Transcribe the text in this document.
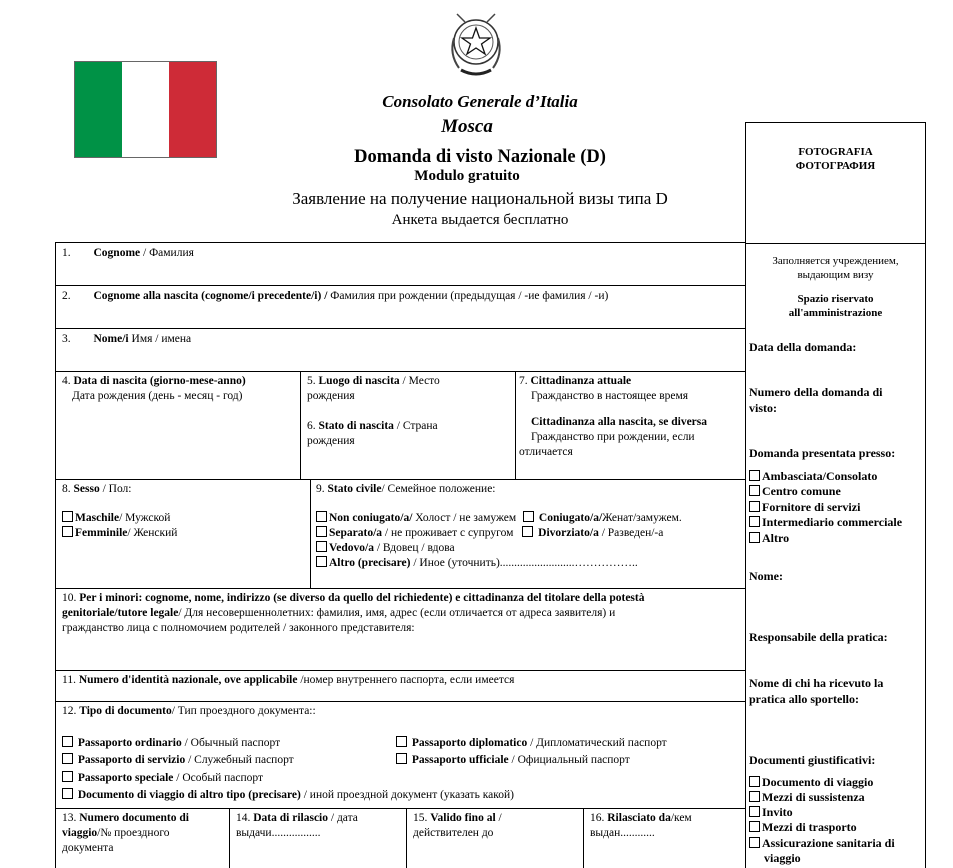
Consolato Generale d’Italia
Mosca
Domanda di visto Nazionale (D)
Modulo gratuito
Заявление на получение национальной визы типа D
Анкета выдается бесплатно
FOTOGRAFIA
ФОТОГРАФИЯ
Заполняется учреждением,
выдающим визу
Spazio riservato
all'amministrazione
Data della domanda:
Numero della domanda di
visto:
Domanda presentata presso:
Ambasciata/Consolato
Centro comune
Fornitore di servizi
Intermediario commerciale
Altro
Nome:
Responsabile della pratica:
Nome di chi ha ricevuto la
pratica allo sportello:
Documenti giustificativi:
Documento di viaggio
Mezzi di sussistenza
Invito
Mezzi di trasporto
Assicurazione sanitaria di
viaggio
1. Cognome / Фамилия
2. Cognome alla nascita (cognome/i precedente/i) / Фамилия при рождении (предыдущая / -ие фамилия / -и)
3. Nome/i Имя / имена
4. Data di nascita (giorno-mese-anno)
Дата рождения (день - месяц - год)
5. Luogo di nascita / Место
рождения
6. Stato di nascita / Страна
рождения
7. Cittadinanza attuale
Гражданство в настоящее время
Cittadinanza alla nascita, se diversa
Гражданство при рождении, если
отличается
8. Sesso / Пол:
Maschile/ Мужской
Femminile/ Женский
9. Stato civile/ Семейное положение:
Non coniugato/a/ Холост / не замужем Coniugato/a/Женат/замужем.
Separato/a / не проживает с супругом Divorziato/a / Разведен/-а
Vedovo/a / Вдовец / вдова
Altro (precisare) / Иное (уточнить)..........................……………..
10. Per i minori: cognome, nome, indirizzo (se diverso da quello del richiedente) e cittadinanza del titolare della potestà
genitoriale/tutore legale/ Для несовершеннолетних: фамилия, имя, адрес (если отличается от адреса заявителя) и
гражданство лица с полномочием родителей / законного представителя:
11. Numero d'identità nazionale, ove applicabile /номер внутреннего паспорта, если имеется
12. Tipo di documento/ Тип проездного документа::
Passaporto ordinario / Обычный паспорт
Passaporto di servizio / Служебный паспорт
Passaporto speciale / Особый паспорт
Documento di viaggio di altro tipo (precisare) / иной проездной документ (указать какой)
Passaporto diplomatico / Дипломатический паспорт
Passaporto ufficiale / Официальный паспорт
13. Numero documento di
viaggio/№ проездного
документа
14. Data di rilascio / дата
выдачи.................
15. Valido fino al /
действителен до
16. Rilasciato da/кем
выдан............
